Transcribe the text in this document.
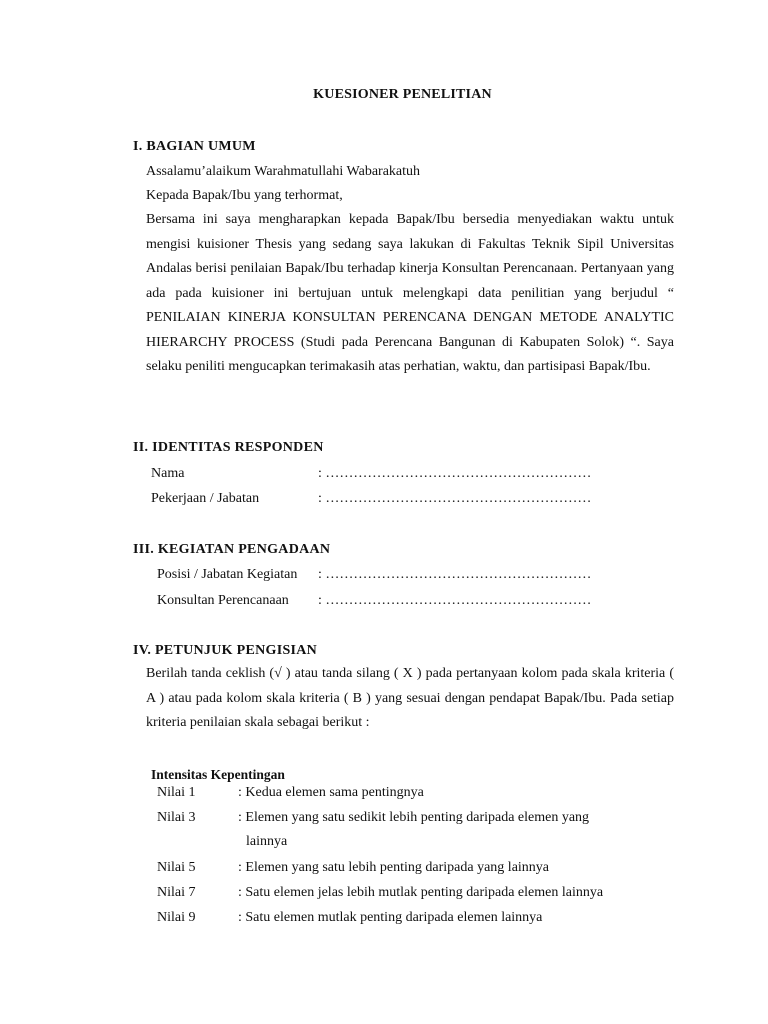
KUESIONER PENELITIAN
I. BAGIAN UMUM
Assalamu’alaikum Warahmatullahi Wabarakatuh
Kepada Bapak/Ibu yang terhormat,
Bersama ini saya mengharapkan kepada Bapak/Ibu bersedia menyediakan waktu untuk mengisi kuisioner Thesis yang sedang saya lakukan di Fakultas Teknik Sipil Universitas Andalas berisi penilaian Bapak/Ibu terhadap kinerja Konsultan Perencanaan. Pertanyaan yang ada pada kuisioner ini bertujuan untuk melengkapi data penilitian yang berjudul “ PENILAIAN KINERJA KONSULTAN PERENCANA DENGAN METODE ANALYTIC HIERARCHY PROCESS (Studi pada Perencana Bangunan di Kabupaten Solok) “. Saya selaku peniliti mengucapkan terimakasih atas perhatian, waktu, dan partisipasi Bapak/Ibu.
II. IDENTITAS RESPONDEN
Nama	: …………………………………………………
Pekerjaan / Jabatan	: …………………………………………………
III. KEGIATAN PENGADAAN
Posisi / Jabatan Kegiatan : …………………………………………………
Konsultan Perencanaan : …………………………………………………
IV. PETUNJUK PENGISIAN
Berilah tanda ceklish (√ ) atau tanda silang ( X ) pada pertanyaan kolom pada skala kriteria ( A ) atau pada kolom skala kriteria ( B ) yang sesuai dengan pendapat Bapak/Ibu. Pada setiap kriteria penilaian skala sebagai berikut :
Intensitas Kepentingan
Nilai 1	: Kedua elemen sama pentingnya
Nilai 3	: Elemen yang satu sedikit lebih penting daripada elemen yang
lainnya
Nilai 5	: Elemen yang satu lebih penting daripada yang lainnya
Nilai 7	: Satu elemen jelas lebih mutlak penting daripada elemen lainnya
Nilai 9	: Satu elemen mutlak penting daripada elemen lainnya
